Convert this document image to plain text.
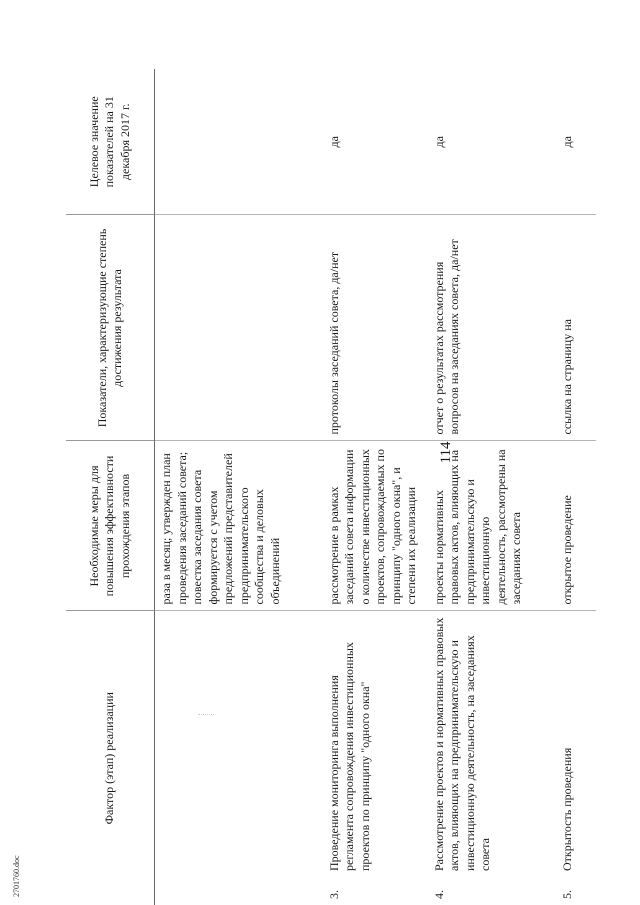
2701760.doc
114
Фактор (этап) реализации	Необходимые меры для повышения эффективности прохождения этапов	Показатели, характеризующие степень достижения результата	Целевое значение показателей на 31 декабря 2017 г.

	раза в месяц; утвержден план проведения заседаний совета; повестка заседания совета формируется с учетом предложений представителей предпринимательского сообщества и деловых объединений		

3.
Проведение мониторинга выполнения регламента сопровождения инвестиционных проектов по принципу "одного окна"	рассмотрение в рамках заседаний совета информации о количестве инвестиционных проектов, сопровождаемых по принципу "одного окна", и степени их реализации	протоколы заседаний совета, да/нет	да

4.
Рассмотрение проектов и нормативных правовых актов, влияющих на предпринимательскую и инвестиционную деятельность, на заседаниях совета	проекты нормативных правовых актов, влияющих на предпринимательскую и инвестиционную деятельность, рассмотрены на заседаниях совета	отчет о результатах рассмотрения вопросов на заседаниях совета, да/нет	да

5.
Открытость проведения	открытое проведение	ссылка на страницу на	да
